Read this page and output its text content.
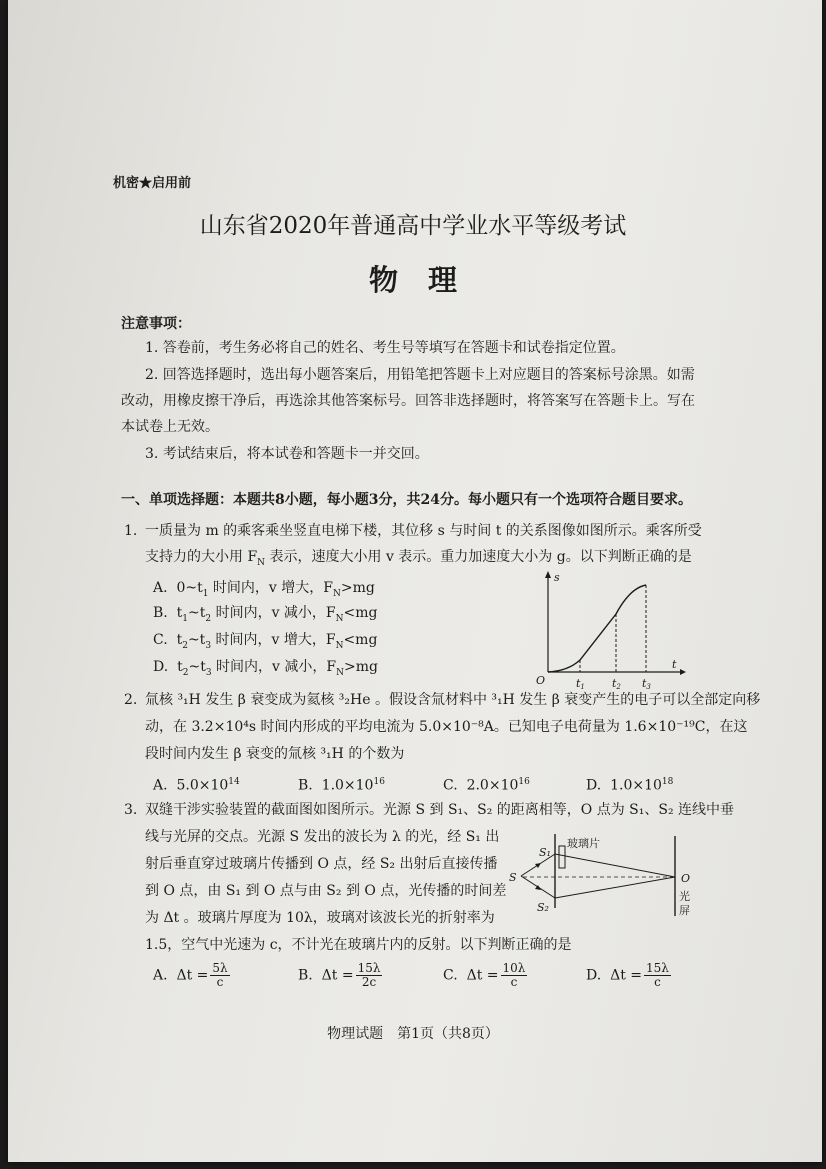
机密★启用前
山东省2020年普通高中学业水平等级考试
物理
注意事项：
1. 答卷前，考生务必将自己的姓名、考生号等填写在答题卡和试卷指定位置。
2. 回答选择题时，选出每小题答案后，用铅笔把答题卡上对应题目的答案标号涂黑。如需
改动，用橡皮擦干净后，再选涂其他答案标号。回答非选择题时，将答案写在答题卡上。写在
本试卷上无效。
3. 考试结束后，将本试卷和答题卡一并交回。
一、单项选择题：本题共8小题，每小题3分，共24分。每小题只有一个选项符合题目要求。
1. 一质量为 m 的乘客乘坐竖直电梯下楼，其位移 s 与时间 t 的关系图像如图所示。乘客所受
支持力的大小用 $F_N$ 表示，速度大小用 v 表示。重力加速度大小为 g。以下判断正确的是
A. $0\sim t_1$ 时间内，v 增大，$F_N>mg$
B. $t_1\sim t_2$ 时间内，v 减小，$F_N<mg$
C. $t_2\sim t_3$ 时间内，v 增大，$F_N<mg$
D. $t_2\sim t_3$ 时间内，v 减小，$F_N>mg$
s
t
O	t1 t2 t3
2. 氚核 ³₁H 发生 β 衰变成为氦核 ³₂He 。假设含氚材料中 ³₁H 发生 β 衰变产生的电子可以全部定向移
动，在 3.2×10⁴s 时间内形成的平均电流为 5.0×10⁻⁸A。已知电子电荷量为 1.6×10⁻¹⁹C，在这
段时间内发生 β 衰变的氚核 ³₁H 的个数为
A. $5.0\times 10^{14}$	B. $1.0\times 10^{16}$	C. $2.0\times 10^{16}$	D. $1.0\times 10^{18}$
3. 双缝干涉实验装置的截面图如图所示。光源 S 到 S₁、S₂ 的距离相等，O 点为 S₁、S₂ 连线中垂
线与光屏的交点。光源 S 发出的波长为 λ 的光，经 S₁ 出
射后垂直穿过玻璃片传播到 O 点，经 S₂ 出射后直接传播
到 O 点，由 S₁ 到 O 点与由 S₂ 到 O 点，光传播的时间差
为 Δt 。玻璃片厚度为 10λ，玻璃对该波长光的折射率为
1.5，空气中光速为 c，不计光在玻璃片内的反射。以下判断正确的是
S₁
S₂
S	O
玻璃片
光
屏
A. $\Delta t = \frac{5\lambda}{c}$	B. $\Delta t = \frac{15\lambda}{2c}$	C. $\Delta t = \frac{10\lambda}{c}$	D. $\Delta t = \frac{15\lambda}{c}$
物理试题　第1页（共8页）
